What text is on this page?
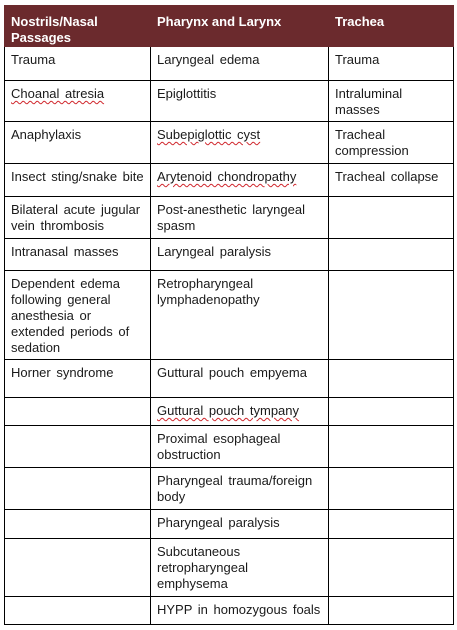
Nostrils/Nasal Passages	Pharynx and Larynx	Trachea
Trauma	Laryngeal edema	Trauma
Choanal atresia	Epiglottitis	Intraluminal masses
Anaphylaxis	Subepiglottic cyst	Tracheal compression
Insect sting/snake bite	Arytenoid chondropathy	Tracheal collapse
Bilateral acute jugular vein thrombosis	Post-anesthetic laryngeal spasm	
Intranasal masses	Laryngeal paralysis	
Dependent edema following general anesthesia or extended periods of sedation	Retropharyngeal lymphadenopathy	
Horner syndrome	Guttural pouch empyema	
	Guttural pouch tympany	
	Proximal esophageal obstruction	
	Pharyngeal trauma/foreign body	
	Pharyngeal paralysis	
	Subcutaneous retropharyngeal emphysema	
	HYPP in homozygous foals	
